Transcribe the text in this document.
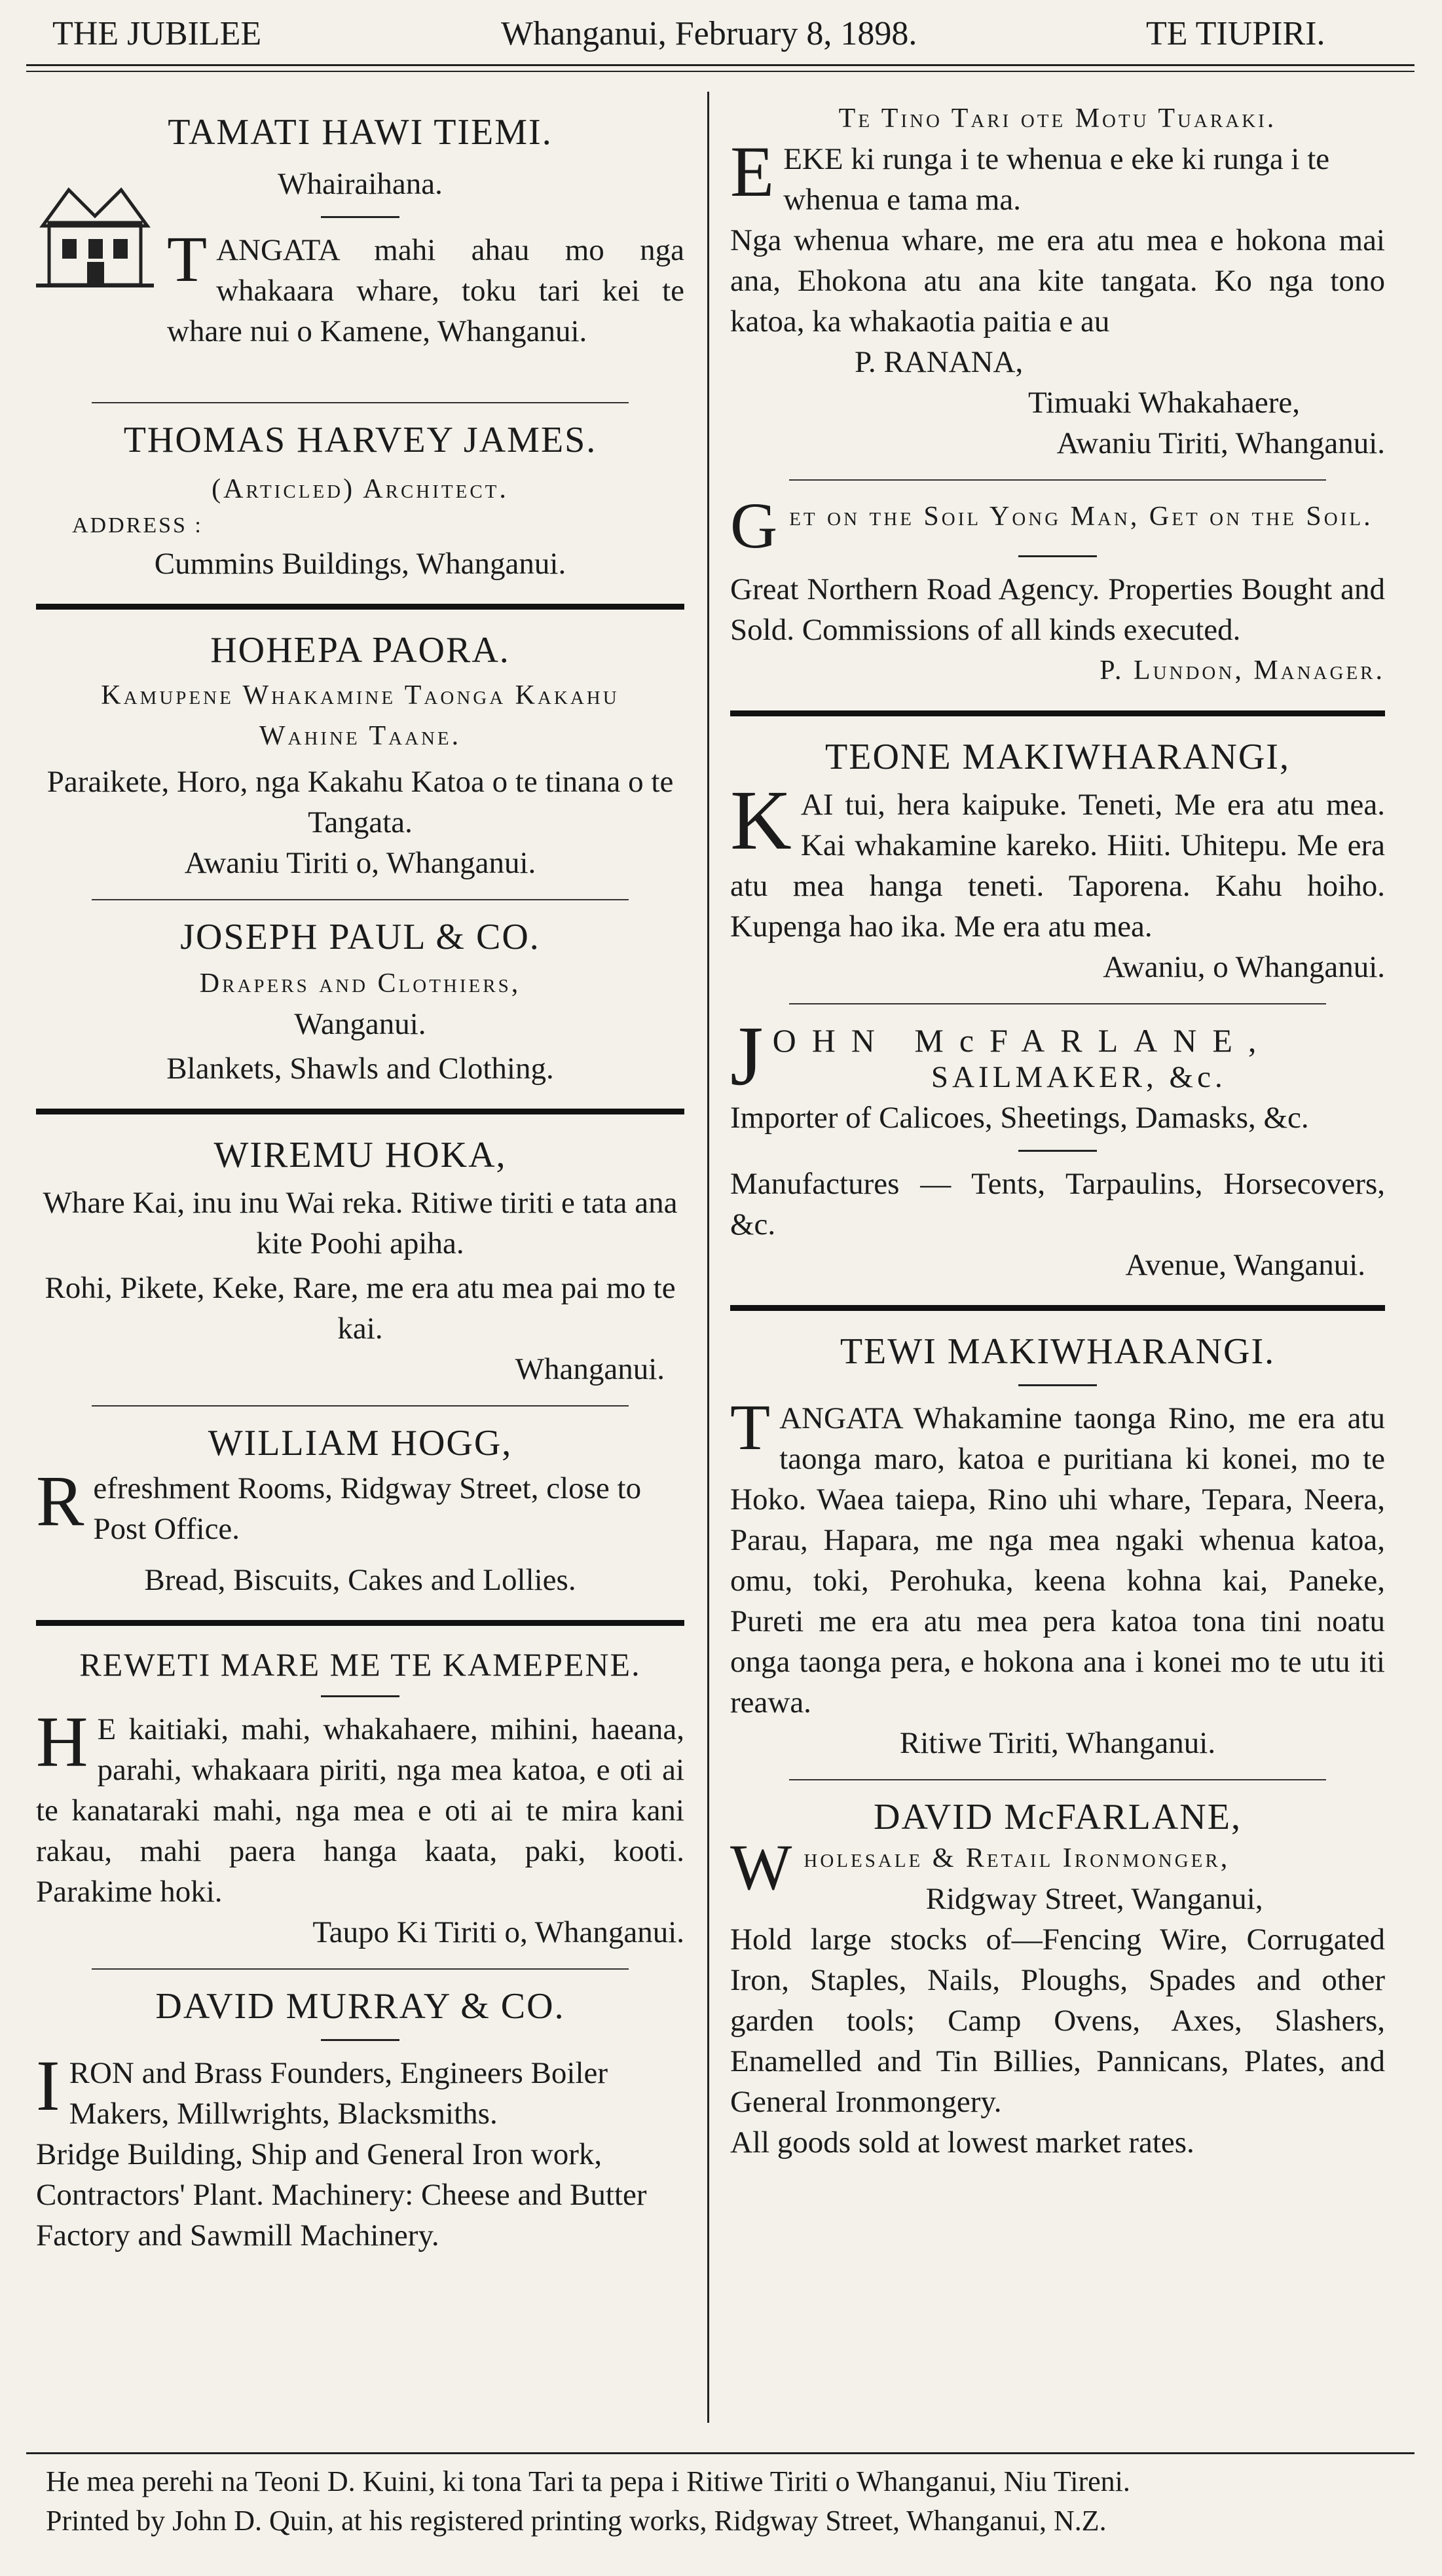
THE JUBILEE	Whanganui, February 8, 1898.	TE TIUPIRI.
TAMATI HAWI TIEMI.

Whairaihana.

T ANGATA mahi ahau mo nga whakaara whare, toku tari kei te whare nui o Kamene, Whanganui.

THOMAS HARVEY JAMES.

(Articled) Architect.

ADDRESS :

Cummins Buildings, Whanganui.

HOHEPA PAORA.

Kamupene Whakamine Taonga Kakahu

Wahine Taane.

Paraikete, Horo, nga Kakahu Katoa o te tinana o te Tangata.

Awaniu Tiriti o, Whanganui.

JOSEPH PAUL & CO.

Drapers and Clothiers,

Wanganui.

Blankets, Shawls and Clothing.

WIREMU HOKA,

Whare Kai, inu inu Wai reka. Ritiwe tiriti e tata ana kite Poohi apiha.

Rohi, Pikete, Keke, Rare, me era atu mea pai mo te kai.

Whanganui.

WILLIAM HOGG,

R efreshment Rooms, Ridgway Street, close to Post Office.

Bread, Biscuits, Cakes and Lollies.

REWETI MARE ME TE KAMEPENE.

H E kaitiaki, mahi, whakahaere, mihini, haeana, parahi, whakaara piriti, nga mea katoa, e oti ai te kanataraki mahi, nga mea e oti ai te mira kani rakau, mahi paera hanga kaata, paki, kooti. Parakime hoki.

Taupo Ki Tiriti o, Whanganui.

DAVID MURRAY & CO.

I RON and Brass Founders, Engineers Boiler Makers, Millwrights, Blacksmiths.

Bridge Building, Ship and General Iron work, Contractors' Plant. Machinery: Cheese and Butter Factory and Sawmill Machinery.

Te Tino Tari ote Motu Tuaraki.

E EKE ki runga i te whenua e eke ki runga i te whenua e tama ma.

Nga whenua whare, me era atu mea e hokona mai ana, Ehokona atu ana kite tangata. Ko nga tono katoa, ka whakaotia paitia e au

P. RANANA,

Timuaki Whakahaere,

Awaniu Tiriti, Whanganui.

G et on the Soil Yong Man, Get on the Soil.

Great Northern Road Agency. Properties Bought and Sold. Commissions of all kinds executed.

P. Lundon, Manager.

TEONE MAKIWHARANGI,

K AI tui, hera kaipuke. Teneti, Me era atu mea. Kai whakamine kareko. Hiiti. Uhitepu. Me era atu mea hanga teneti. Taporena. Kahu hoiho. Kupenga hao ika. Me era atu mea.

Awaniu, o Whanganui.

J OHN McFARLANE,

SAILMAKER, &c.

Importer of Calicoes, Sheetings, Damasks, &c.

Manufactures — Tents, Tarpaulins, Horsecovers, &c.

Avenue, Wanganui.

TEWI MAKIWHARANGI.

T ANGATA Whakamine taonga Rino, me era atu taonga maro, katoa e puritiana ki konei, mo te Hoko. Waea taiepa, Rino uhi whare, Tepara, Neera, Parau, Hapara, me nga mea ngaki whenua katoa, omu, toki, Perohuka, keena kohna kai, Paneke, Pureti me era atu mea pera katoa tona tini noatu onga taonga pera, e hokona ana i konei mo te utu iti reawa.

Ritiwe Tiriti, Whanganui.

DAVID McFARLANE,

W holesale & Retail Ironmonger,

Ridgway Street, Wanganui,

Hold large stocks of—Fencing Wire, Corrugated Iron, Staples, Nails, Ploughs, Spades and other garden tools; Camp Ovens, Axes, Slashers, Enamelled and Tin Billies, Pannicans, Plates, and General Ironmongery.

All goods sold at lowest market rates.

He mea perehi na Teoni D. Kuini, ki tona Tari ta pepa i Ritiwe Tiriti o Whanganui, Niu Tireni.

Printed by John D. Quin, at his registered printing works, Ridgway Street, Whanganui, N.Z.
